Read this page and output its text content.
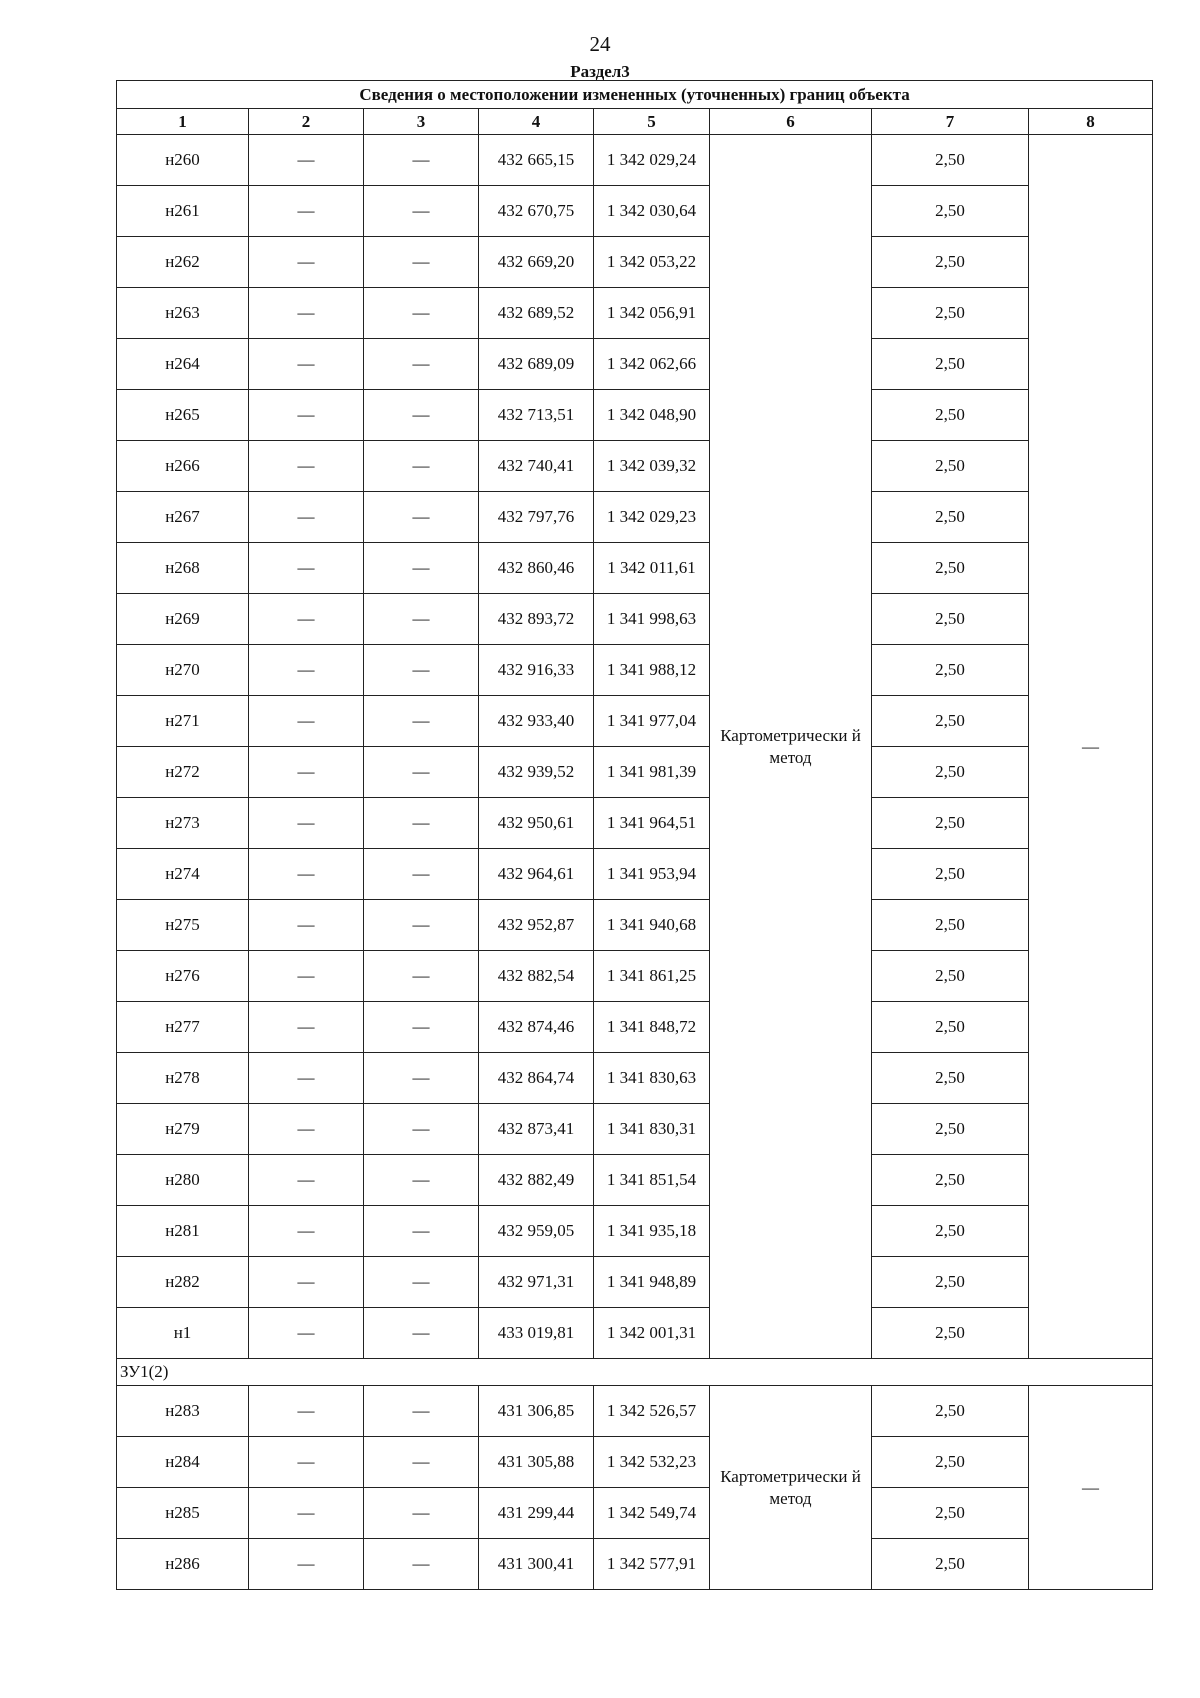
24
Раздел3
Сведения о местоположении измененных (уточненных) границ объекта							
1	2	3	4	5	6	7	8
н260	—	—	432 665,15	1 342 029,24	Картометрически й метод	2,50	—
н261	—	—	432 670,75	1 342 030,64		2,50	
н262	—	—	432 669,20	1 342 053,22		2,50	
н263	—	—	432 689,52	1 342 056,91		2,50	
н264	—	—	432 689,09	1 342 062,66		2,50	
н265	—	—	432 713,51	1 342 048,90		2,50	
н266	—	—	432 740,41	1 342 039,32		2,50	
н267	—	—	432 797,76	1 342 029,23		2,50	
н268	—	—	432 860,46	1 342 011,61		2,50	
н269	—	—	432 893,72	1 341 998,63		2,50	
н270	—	—	432 916,33	1 341 988,12		2,50	
н271	—	—	432 933,40	1 341 977,04		2,50	
н272	—	—	432 939,52	1 341 981,39		2,50	
н273	—	—	432 950,61	1 341 964,51		2,50	
н274	—	—	432 964,61	1 341 953,94		2,50	
н275	—	—	432 952,87	1 341 940,68		2,50	
н276	—	—	432 882,54	1 341 861,25		2,50	
н277	—	—	432 874,46	1 341 848,72		2,50	
н278	—	—	432 864,74	1 341 830,63		2,50	
н279	—	—	432 873,41	1 341 830,31		2,50	
н280	—	—	432 882,49	1 341 851,54		2,50	
н281	—	—	432 959,05	1 341 935,18		2,50	
н282	—	—	432 971,31	1 341 948,89		2,50	
н1	—	—	433 019,81	1 342 001,31		2,50	
ЗУ1(2)							
н283	—	—	431 306,85	1 342 526,57	Картометрически й метод	2,50	—
н284	—	—	431 305,88	1 342 532,23		2,50	
н285	—	—	431 299,44	1 342 549,74		2,50	
н286	—	—	431 300,41	1 342 577,91		2,50	
